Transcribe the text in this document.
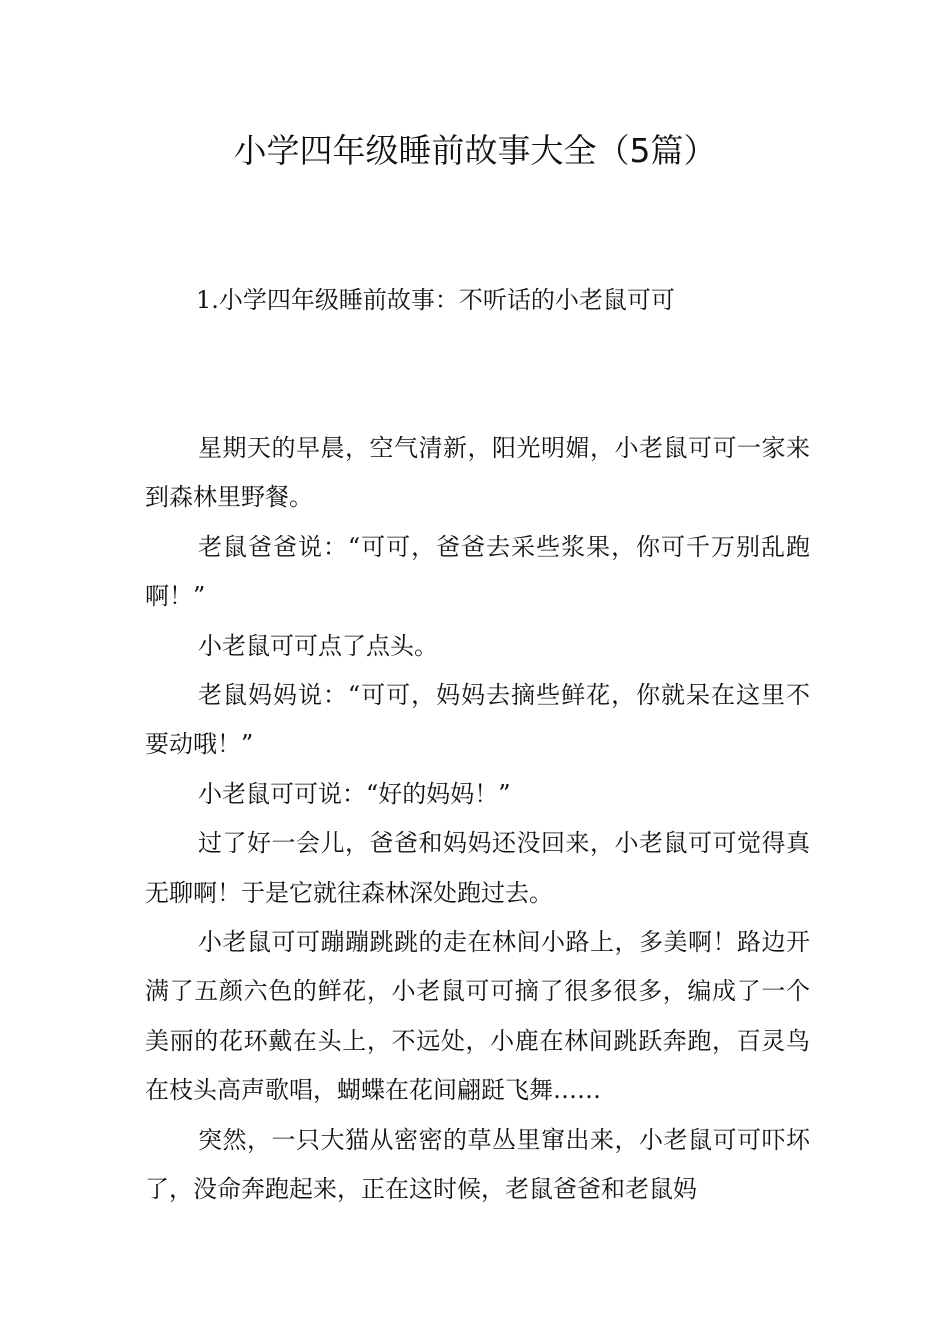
小学四年级睡前故事大全（5篇）

1.小学四年级睡前故事：不听话的小老鼠可可

星期天的早晨，空气清新，阳光明媚，小老鼠可可一家来到森林里野餐。

老鼠爸爸说：“可可，爸爸去采些浆果，你可千万别乱跑啊！”

小老鼠可可点了点头。

老鼠妈妈说：“可可，妈妈去摘些鲜花，你就呆在这里不要动哦！”

小老鼠可可说：“好的妈妈！”

过了好一会儿，爸爸和妈妈还没回来，小老鼠可可觉得真无聊啊！于是它就往森林深处跑过去。

小老鼠可可蹦蹦跳跳的走在林间小路上，多美啊！路边开满了五颜六色的鲜花，小老鼠可可摘了很多很多，编成了一个美丽的花环戴在头上，不远处，小鹿在林间跳跃奔跑，百灵鸟在枝头高声歌唱，蝴蝶在花间翩跹飞舞……

突然，一只大猫从密密的草丛里窜出来，小老鼠可可吓坏了，没命奔跑起来，正在这时候，老鼠爸爸和老鼠妈
